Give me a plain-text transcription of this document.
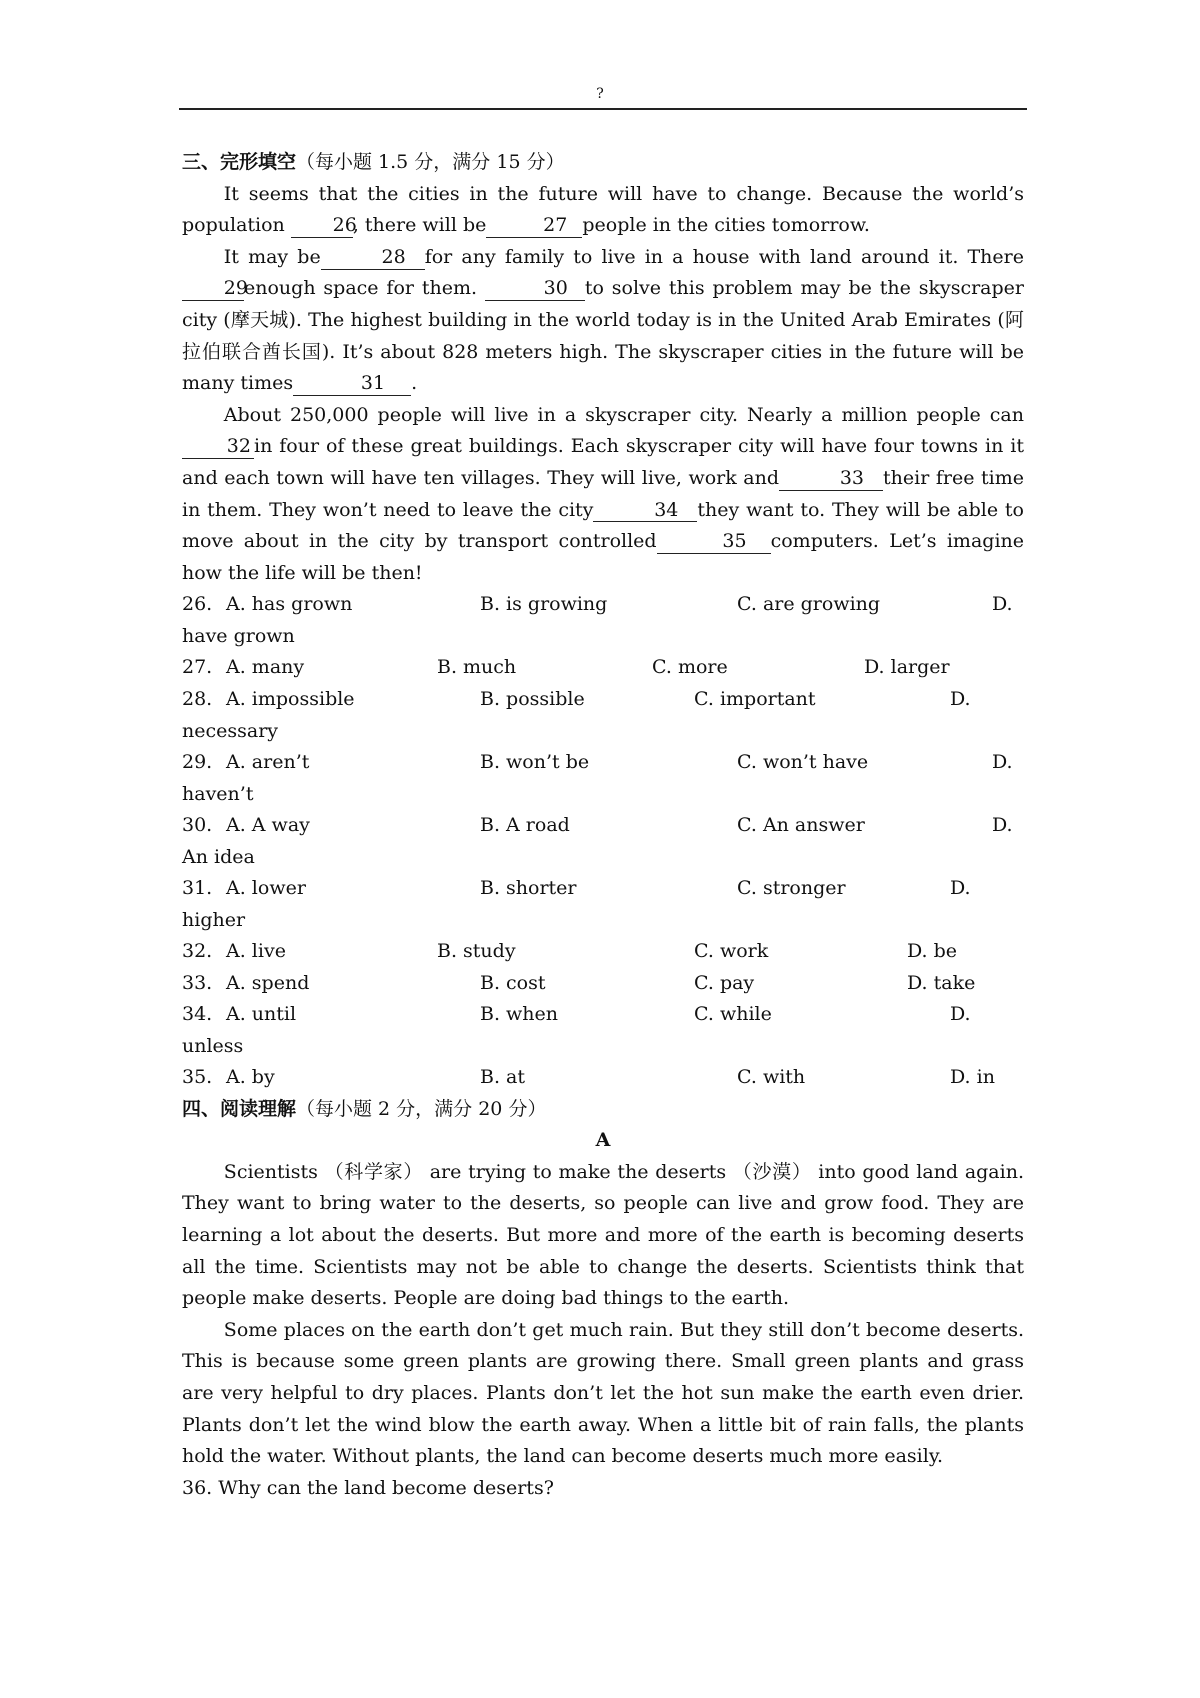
?
三、完形填空（每小题 1.5 分，满分 15 分）

It seems that the cities in the future will have to change. Because the world’s population 26, there will be	27 people in the cities tomorrow.

It may be	28 for any family to live in a house with land around it. There 29enough space for them.	30 to solve this problem may be the skyscraper city (摩天城). The highest building in the world today is in the United Arab Emirates (阿拉伯联合酋长国). It’s about 828 meters high. The skyscraper cities in the future will be many times	31 .

About 250,000 people will live in a skyscraper city. Nearly a million people can32 in four of these great buildings. Each skyscraper city will have four towns in it and each town will have ten villages. They will live, work and	33 their free time in them. They won’t need to leave the city	34 they want to. They will be able to move about in the city by transport controlled	35 computers. Let’s imagine how the life will be then!

26. A. has grown	B. is growing	C. are growing	D.
have grown
27. A. many	B. much	C. more	D. larger
28. A. impossible	B. possible	C. important	D.
necessary
29. A. aren’t	B. won’t be	C. won’t have	D.
haven’t
30. A. A way	B. A road	C. An answer	D.
An idea
31. A. lower	B. shorter	C. stronger	D.
higher
32. A. live	B. study	C. work	D. be
33. A. spend	B. cost	C. pay	D. take
34. A. until	B. when	C. while	D.
unless
35. A. by	B. at	C. with	D. in
四、阅读理解（每小题 2 分，满分 20 分）
A

Scientists （科学家） are trying to make the deserts （沙漠） into good land again. They want to bring water to the deserts, so people can live and grow food. They are learning a lot about the deserts. But more and more of the earth is becoming deserts all the time. Scientists may not be able to change the deserts. Scientists think that people make deserts. People are doing bad things to the earth.

Some places on the earth don’t get much rain. But they still don’t become deserts. This is because some green plants are growing there. Small green plants and grass are very helpful to dry places. Plants don’t let the hot sun make the earth even drier. Plants don’t let the wind blow the earth away. When a little bit of rain falls, the plants hold the water. Without plants, the land can become deserts much more easily.

36. Why can the land become deserts?
